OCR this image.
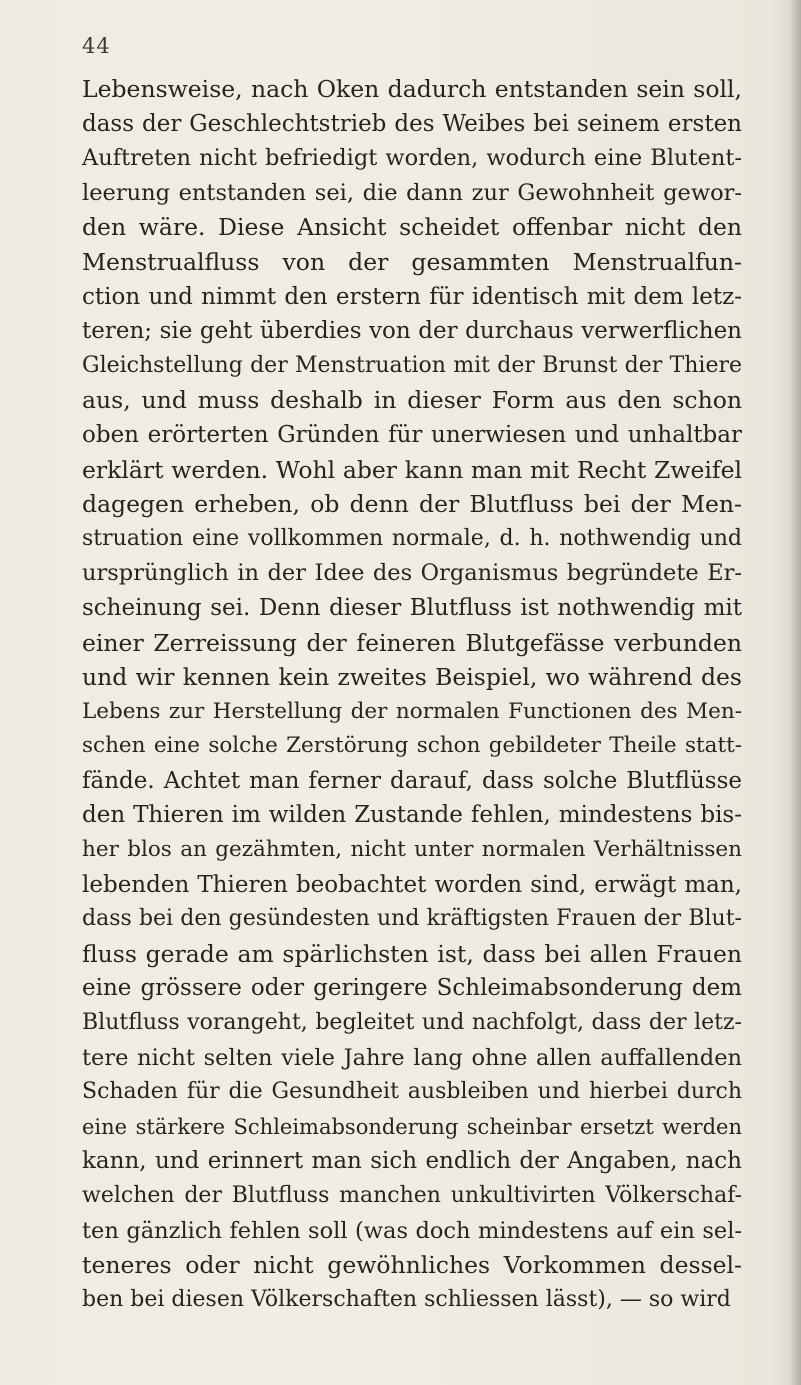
44
Lebensweise, nach Oken dadurch entstanden sein soll,
dass der Geschlechtstrieb des Weibes bei seinem ersten
Auftreten nicht befriedigt worden, wodurch eine Blutent-
leerung entstanden sei, die dann zur Gewohnheit gewor-
den wäre. Diese Ansicht scheidet offenbar nicht den
Menstrualfluss von der gesammten Menstrualfun-
ction und nimmt den erstern für identisch mit dem letz-
teren; sie geht überdies von der durchaus verwerflichen
Gleichstellung der Menstruation mit der Brunst der Thiere
aus, und muss deshalb in dieser Form aus den schon
oben erörterten Gründen für unerwiesen und unhaltbar
erklärt werden. Wohl aber kann man mit Recht Zweifel
dagegen erheben, ob denn der Blutfluss bei der Men-
struation eine vollkommen normale, d. h. nothwendig und
ursprünglich in der Idee des Organismus begründete Er-
scheinung sei. Denn dieser Blutfluss ist nothwendig mit
einer Zerreissung der feineren Blutgefässe verbunden
und wir kennen kein zweites Beispiel, wo während des
Lebens zur Herstellung der normalen Functionen des Men-
schen eine solche Zerstörung schon gebildeter Theile statt-
fände. Achtet man ferner darauf, dass solche Blutflüsse
den Thieren im wilden Zustande fehlen, mindestens bis-
her blos an gezähmten, nicht unter normalen Verhältnissen
lebenden Thieren beobachtet worden sind, erwägt man,
dass bei den gesündesten und kräftigsten Frauen der Blut-
fluss gerade am spärlichsten ist, dass bei allen Frauen
eine grössere oder geringere Schleimabsonderung dem
Blutfluss vorangeht, begleitet und nachfolgt, dass der letz-
tere nicht selten viele Jahre lang ohne allen auffallenden
Schaden für die Gesundheit ausbleiben und hierbei durch
eine stärkere Schleimabsonderung scheinbar ersetzt werden
kann, und erinnert man sich endlich der Angaben, nach
welchen der Blutfluss manchen unkultivirten Völkerschaf-
ten gänzlich fehlen soll (was doch mindestens auf ein sel-
teneres oder nicht gewöhnliches Vorkommen dessel-
ben bei diesen Völkerschaften schliessen lässt), — so wird
